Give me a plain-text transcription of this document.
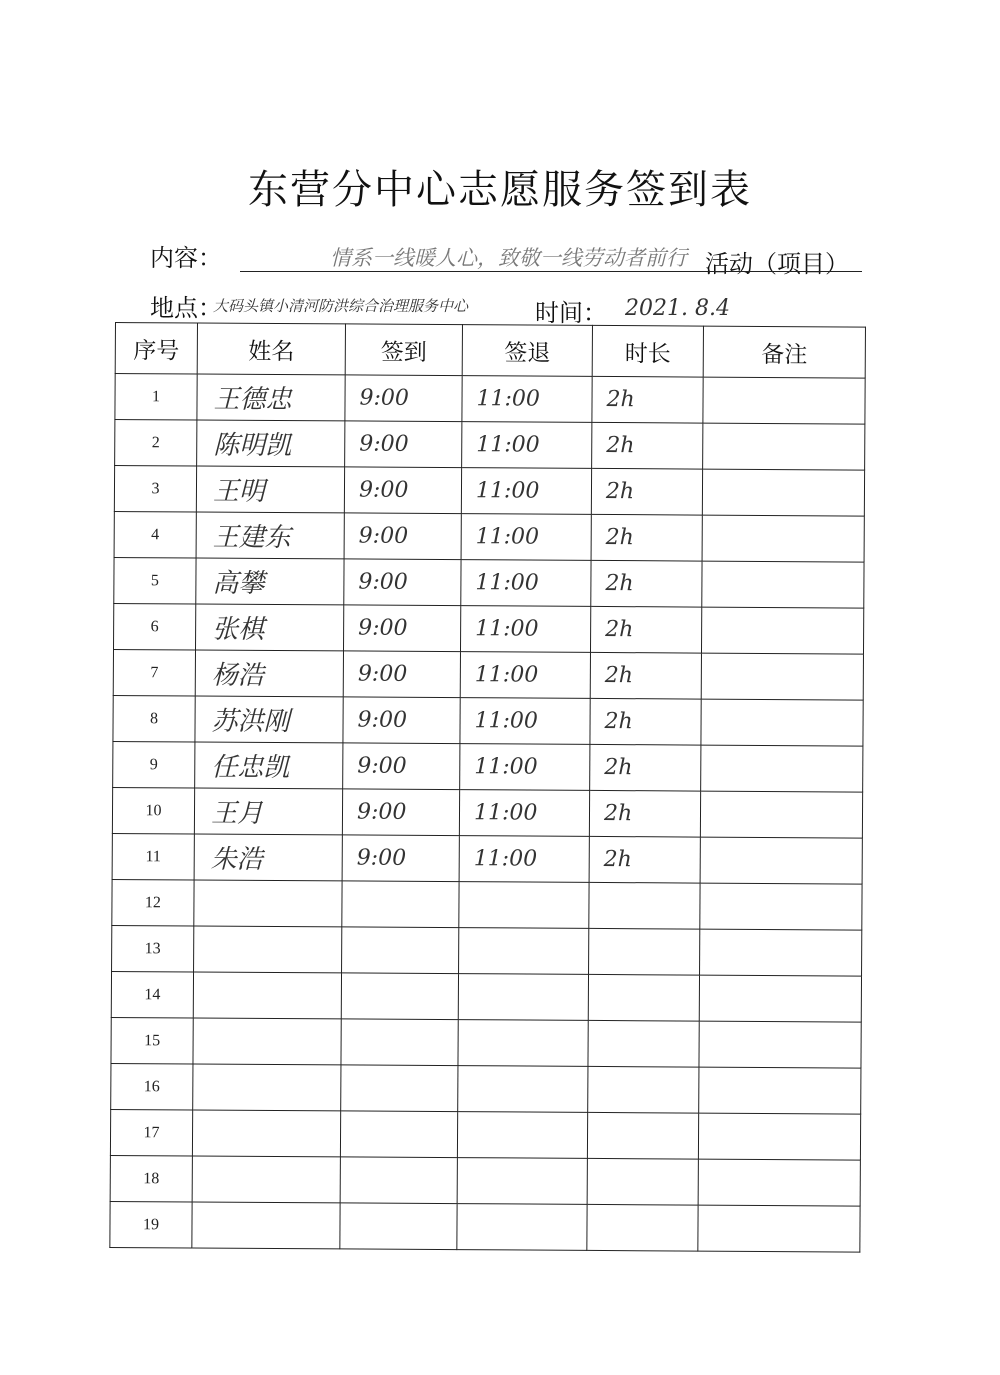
东营分中心志愿服务签到表
内容：	情系一线暖人心，致敬一线劳动者前行 活动（项目）
地点：
大码头镇小清河防洪综合治理服务中心	时间： 2021. 8.4
序号	姓名	签到	签退	时长	备注
1	王德忠	9:00	11:00	2h	
2	陈明凯	9:00	11:00	2h	
3	王明	9:00	11:00	2h	
4	王建东	9:00	11:00	2h	
5	高攀	9:00	11:00	2h	
6	张棋	9:00	11:00	2h	
7	杨浩	9:00	11:00	2h	
8	苏洪刚	9:00	11:00	2h	
9	任忠凯	9:00	11:00	2h	
10	王月	9:00	11:00	2h	
11	朱浩	9:00	11:00	2h	
12					
13					
14					
15					
16					
17					
18					
19					
